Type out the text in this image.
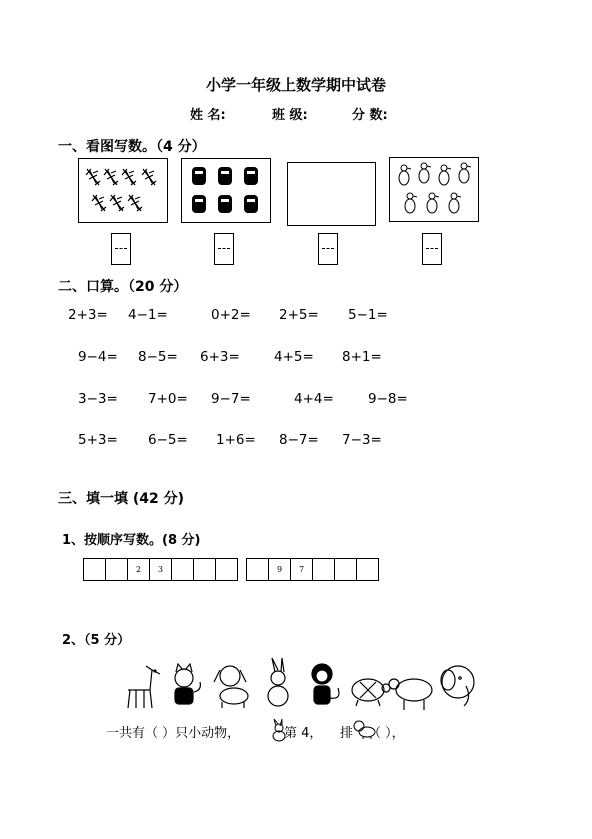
小学一年级上数学期中试卷
姓 名:	班 级:	分 数:
一、看图写数。（4 分）
二、口算。（20 分）
2+3= 4−1=	0+2= 2+5= 5−1=
9−4= 8−5= 6+3=	4+5= 8+1=
3−3= 7+0= 9−7=	4+4=	9−8=
5+3= 6−5= 1+6= 8−7= 7−3=
三、填一填 (42 分)
1、按顺序写数。(8 分)
2	3	9	7
2、（5 分）
一共有（ ）只小动物，	第 4， 排 （ ），
